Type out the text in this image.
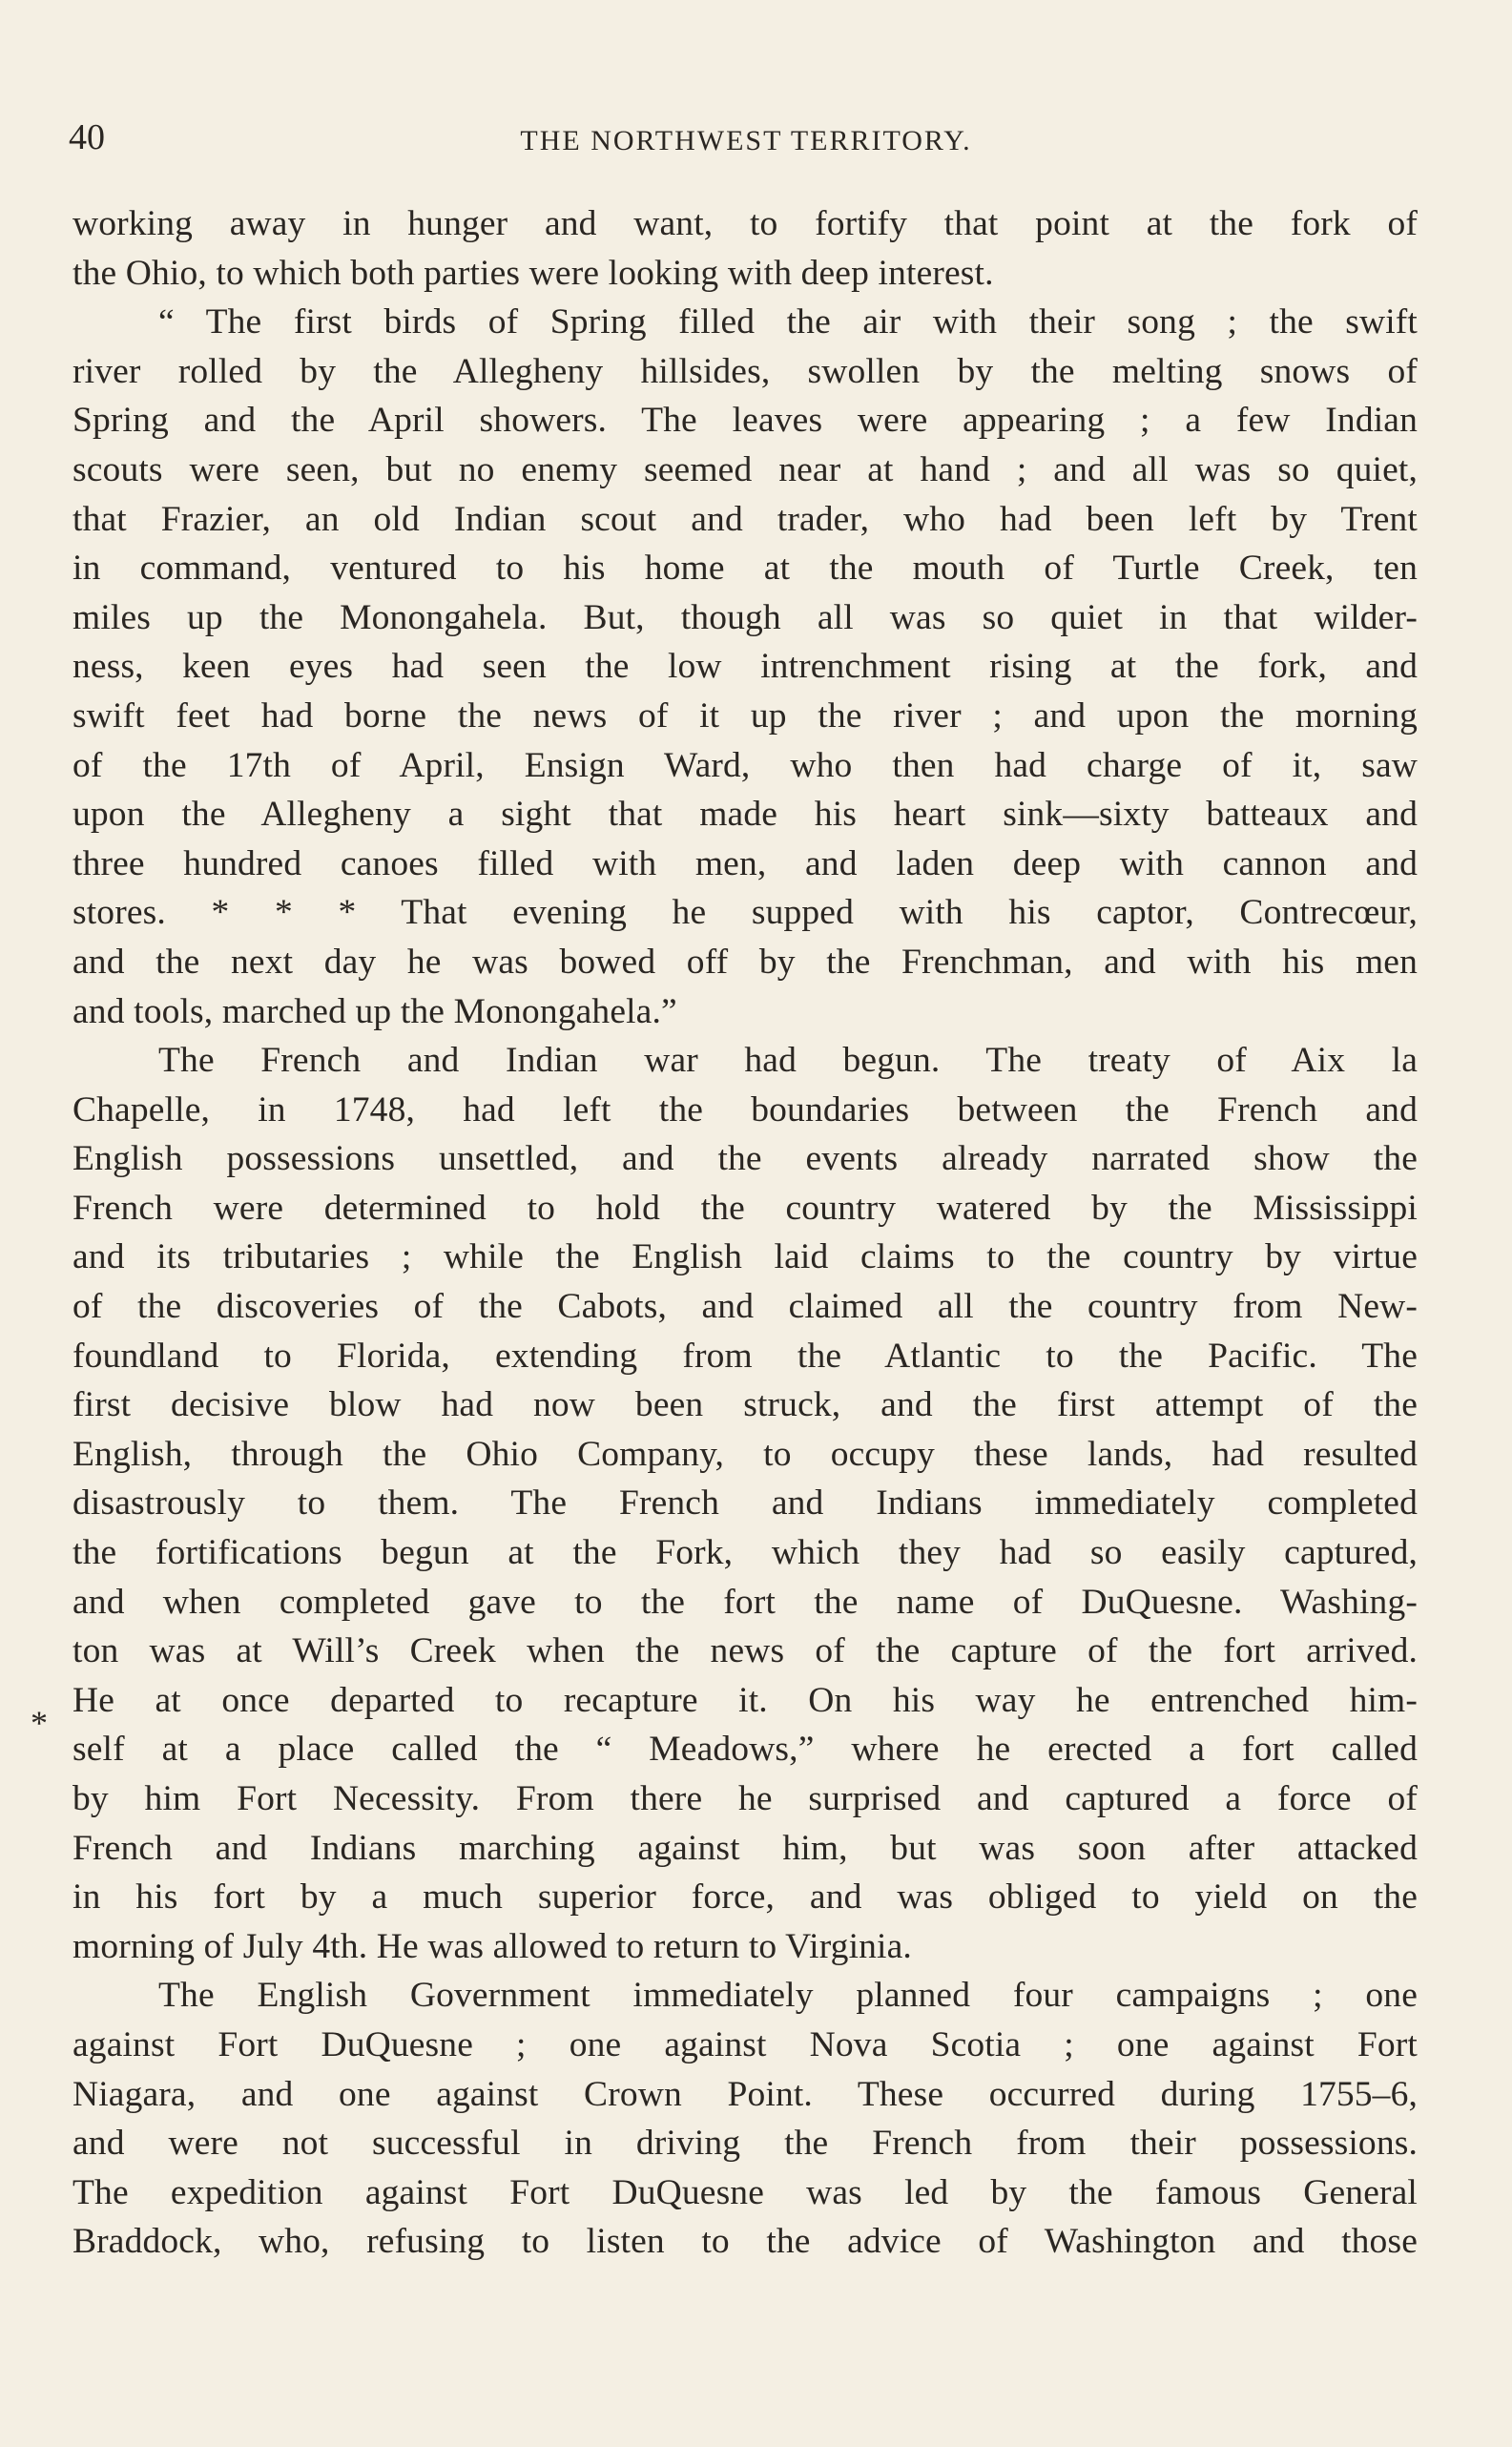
40	THE NORTHWEST TERRITORY.
*
working away in hunger and want, to fortify that point at the fork of
the Ohio, to which both parties were looking with deep interest.
“ The first birds of Spring filled the air with their song ; the swift
river rolled by the Allegheny hillsides, swollen by the melting snows of
Spring and the April showers. The leaves were appearing ; a few Indian
scouts were seen, but no enemy seemed near at hand ; and all was so quiet,
that Frazier, an old Indian scout and trader, who had been left by Trent
in command, ventured to his home at the mouth of Turtle Creek, ten
miles up the Monongahela. But, though all was so quiet in that wilder-
ness, keen eyes had seen the low intrenchment rising at the fork, and
swift feet had borne the news of it up the river ; and upon the morning
of the 17th of April, Ensign Ward, who then had charge of it, saw
upon the Allegheny a sight that made his heart sink—sixty batteaux and
three hundred canoes filled with men, and laden deep with cannon and
stores. * * * That evening he supped with his captor, Contrecœur,
and the next day he was bowed off by the Frenchman, and with his men
and tools, marched up the Monongahela.”
The French and Indian war had begun. The treaty of Aix la
Chapelle, in 1748, had left the boundaries between the French and
English possessions unsettled, and the events already narrated show the
French were determined to hold the country watered by the Mississippi
and its tributaries ; while the English laid claims to the country by virtue
of the discoveries of the Cabots, and claimed all the country from New-
foundland to Florida, extending from the Atlantic to the Pacific. The
first decisive blow had now been struck, and the first attempt of the
English, through the Ohio Company, to occupy these lands, had resulted
disastrously to them. The French and Indians immediately completed
the fortifications begun at the Fork, which they had so easily captured,
and when completed gave to the fort the name of DuQuesne. Washing-
ton was at Will’s Creek when the news of the capture of the fort arrived.
He at once departed to recapture it. On his way he entrenched him-
self at a place called the “ Meadows,” where he erected a fort called
by him Fort Necessity. From there he surprised and captured a force of
French and Indians marching against him, but was soon after attacked
in his fort by a much superior force, and was obliged to yield on the
morning of July 4th. He was allowed to return to Virginia.
The English Government immediately planned four campaigns ; one
against Fort DuQuesne ; one against Nova Scotia ; one against Fort
Niagara, and one against Crown Point. These occurred during 1755–6,
and were not successful in driving the French from their possessions.
The expedition against Fort DuQuesne was led by the famous General
Braddock, who, refusing to listen to the advice of Washington and those
